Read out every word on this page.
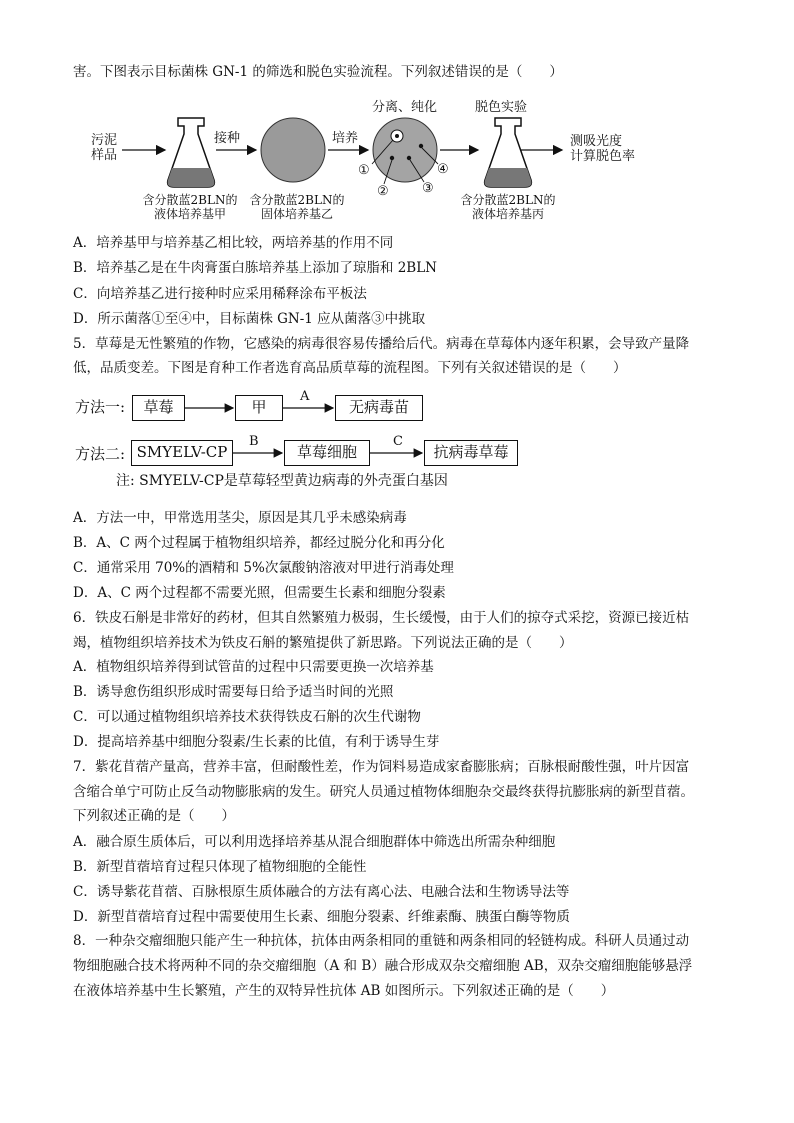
害。下图表示目标菌株 GN-1 的筛选和脱色实验流程。下列叙述错误的是（　　）
污泥
样品
接种	培养
分离、纯化	脱色实验
①
②	③
④
测吸光度
计算脱色率
含分散蓝2BLN的
液体培养基甲
含分散蓝2BLN的
固体培养基乙
含分散蓝2BLN的
液体培养基丙
A．培养基甲与培养基乙相比较，两培养基的作用不同
B．培养基乙是在牛肉膏蛋白胨培养基上添加了琼脂和 2BLN
C．向培养基乙进行接种时应采用稀释涂布平板法
D．所示菌落①至④中，目标菌株 GN-1 应从菌落③中挑取
5．草莓是无性繁殖的作物，它感染的病毒很容易传播给后代。病毒在草莓体内逐年积累，会导致产量降
低，品质变差。下图是育种工作者选育高品质草莓的流程图。下列有关叙述错误的是（　　）
方法一:	草莓	甲	无病毒苗
A
方法二: SMYELV-CP	草莓细胞	抗病毒草莓
B	C
注: SMYELV-CP是草莓轻型黄边病毒的外壳蛋白基因
A．方法一中，甲常选用茎尖，原因是其几乎未感染病毒
B．A、C 两个过程属于植物组织培养，都经过脱分化和再分化
C．通常采用 70%的酒精和 5%次氯酸钠溶液对甲进行消毒处理
D．A、C 两个过程都不需要光照，但需要生长素和细胞分裂素
6．铁皮石斛是非常好的药材，但其自然繁殖力极弱，生长缓慢，由于人们的掠夺式采挖，资源已接近枯
竭，植物组织培养技术为铁皮石斛的繁殖提供了新思路。下列说法正确的是（　　）
A．植物组织培养得到试管苗的过程中只需要更换一次培养基
B．诱导愈伤组织形成时需要每日给予适当时间的光照
C．可以通过植物组织培养技术获得铁皮石斛的次生代谢物
D．提高培养基中细胞分裂素/生长素的比值，有利于诱导生芽
7．紫花苜蓿产量高，营养丰富，但耐酸性差，作为饲料易造成家畜膨胀病；百脉根耐酸性强，叶片因富
含缩合单宁可防止反刍动物膨胀病的发生。研究人员通过植物体细胞杂交最终获得抗膨胀病的新型苜蓿。
下列叙述正确的是（　　）
A．融合原生质体后，可以利用选择培养基从混合细胞群体中筛选出所需杂种细胞
B．新型苜蓿培育过程只体现了植物细胞的全能性
C．诱导紫花苜蓿、百脉根原生质体融合的方法有离心法、电融合法和生物诱导法等
D．新型苜蓿培育过程中需要使用生长素、细胞分裂素、纤维素酶、胰蛋白酶等物质
8．一种杂交瘤细胞只能产生一种抗体，抗体由两条相同的重链和两条相同的轻链构成。科研人员通过动
物细胞融合技术将两种不同的杂交瘤细胞（A 和 B）融合形成双杂交瘤细胞 AB，双杂交瘤细胞能够悬浮
在液体培养基中生长繁殖，产生的双特异性抗体 AB 如图所示。下列叙述正确的是（　　）
